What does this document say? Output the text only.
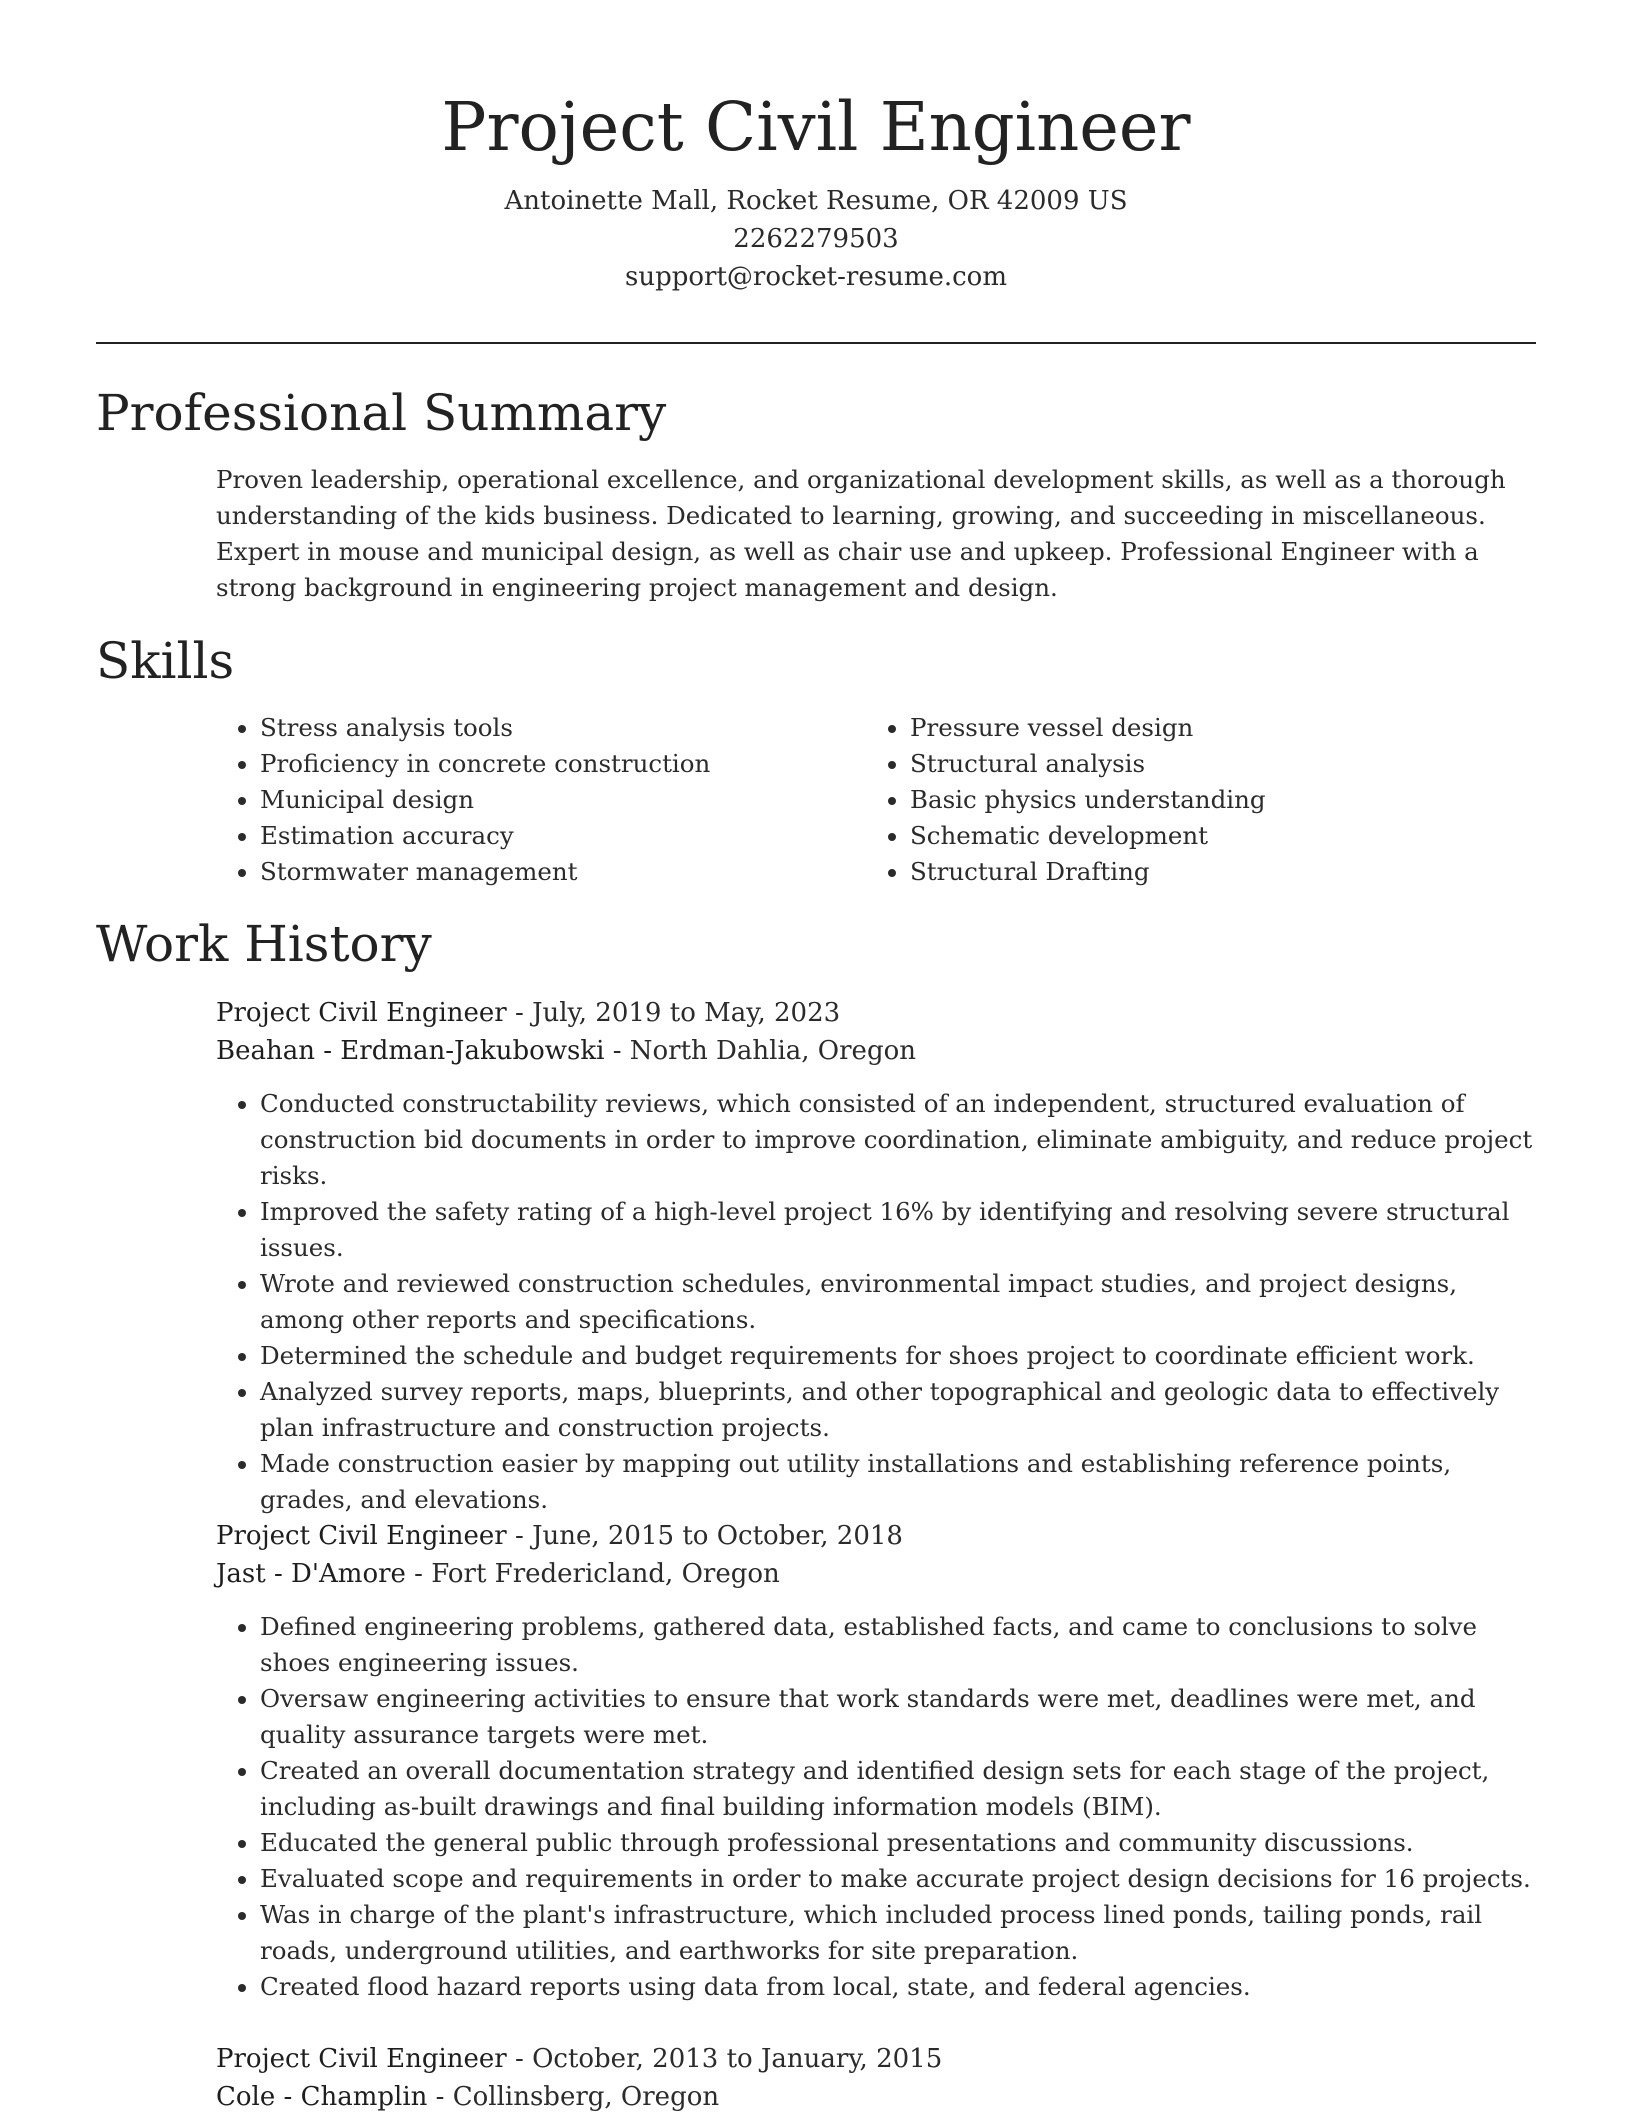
Project Civil Engineer
Antoinette Mall, Rocket Resume, OR 42009 US
2262279503
support@rocket-resume.com
Professional Summary
Proven leadership, operational excellence, and organizational development skills, as well as a thorough understanding of the kids business. Dedicated to learning, growing, and succeeding in miscellaneous. Expert in mouse and municipal design, as well as chair use and upkeep. Professional Engineer with a strong background in engineering project management and design.
Skills
• Stress analysis tools
• Proficiency in concrete construction
• Municipal design
• Estimation accuracy
• Stormwater management
• Pressure vessel design
• Structural analysis
• Basic physics understanding
• Schematic development
• Structural Drafting
Work History
Project Civil Engineer - July, 2019 to May, 2023
Beahan - Erdman-Jakubowski - North Dahlia, Oregon
• Conducted constructability reviews, which consisted of an independent, structured evaluation of construction bid documents in order to improve coordination, eliminate ambiguity, and reduce project risks.
• Improved the safety rating of a high-level project 16% by identifying and resolving severe structural issues.
• Wrote and reviewed construction schedules, environmental impact studies, and project designs, among other reports and specifications.
• Determined the schedule and budget requirements for shoes project to coordinate efficient work.
• Analyzed survey reports, maps, blueprints, and other topographical and geologic data to effectively plan infrastructure and construction projects.
• Made construction easier by mapping out utility installations and establishing reference points, grades, and elevations.
Project Civil Engineer - June, 2015 to October, 2018
Jast - D'Amore - Fort Fredericland, Oregon
• Defined engineering problems, gathered data, established facts, and came to conclusions to solve shoes engineering issues.
• Oversaw engineering activities to ensure that work standards were met, deadlines were met, and quality assurance targets were met.
• Created an overall documentation strategy and identified design sets for each stage of the project, including as-built drawings and final building information models (BIM).
• Educated the general public through professional presentations and community discussions.
• Evaluated scope and requirements in order to make accurate project design decisions for 16 projects.
• Was in charge of the plant's infrastructure, which included process lined ponds, tailing ponds, rail roads, underground utilities, and earthworks for site preparation.
• Created flood hazard reports using data from local, state, and federal agencies.
Project Civil Engineer - October, 2013 to January, 2015
Cole - Champlin - Collinsberg, Oregon
